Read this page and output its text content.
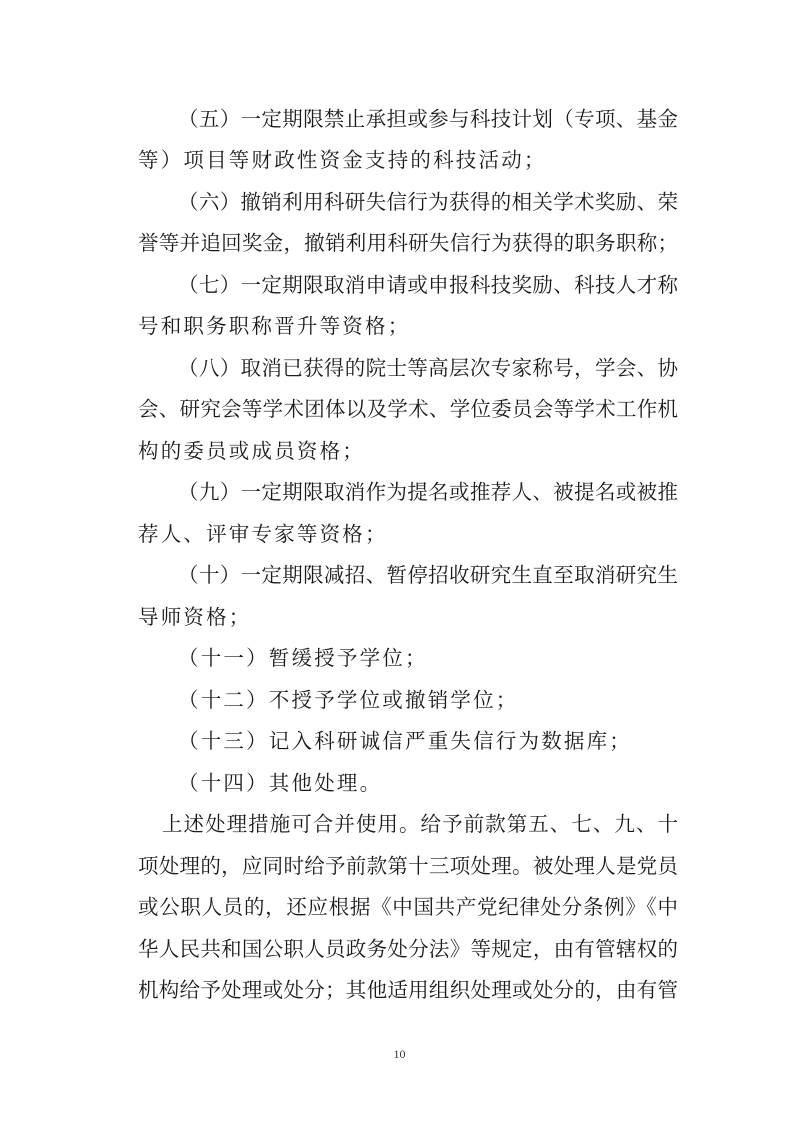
（五）一定期限禁止承担或参与科技计划（专项、基金
等）项目等财政性资金支持的科技活动；
（六）撤销利用科研失信行为获得的相关学术奖励、荣
誉等并追回奖金，撤销利用科研失信行为获得的职务职称；
（七）一定期限取消申请或申报科技奖励、科技人才称
号和职务职称晋升等资格；
（八）取消已获得的院士等高层次专家称号，学会、协
会、研究会等学术团体以及学术、学位委员会等学术工作机
构的委员或成员资格；
（九）一定期限取消作为提名或推荐人、被提名或被推
荐人、评审专家等资格；
（十）一定期限减招、暂停招收研究生直至取消研究生
导师资格；
（十一）暂缓授予学位；
（十二）不授予学位或撤销学位；
（十三）记入科研诚信严重失信行为数据库；
（十四）其他处理。
上述处理措施可合并使用。给予前款第五、七、九、十
项处理的，应同时给予前款第十三项处理。被处理人是党员
或公职人员的，还应根据《中国共产党纪律处分条例》《中
华人民共和国公职人员政务处分法》等规定，由有管辖权的
机构给予处理或处分；其他适用组织处理或处分的，由有管
10
